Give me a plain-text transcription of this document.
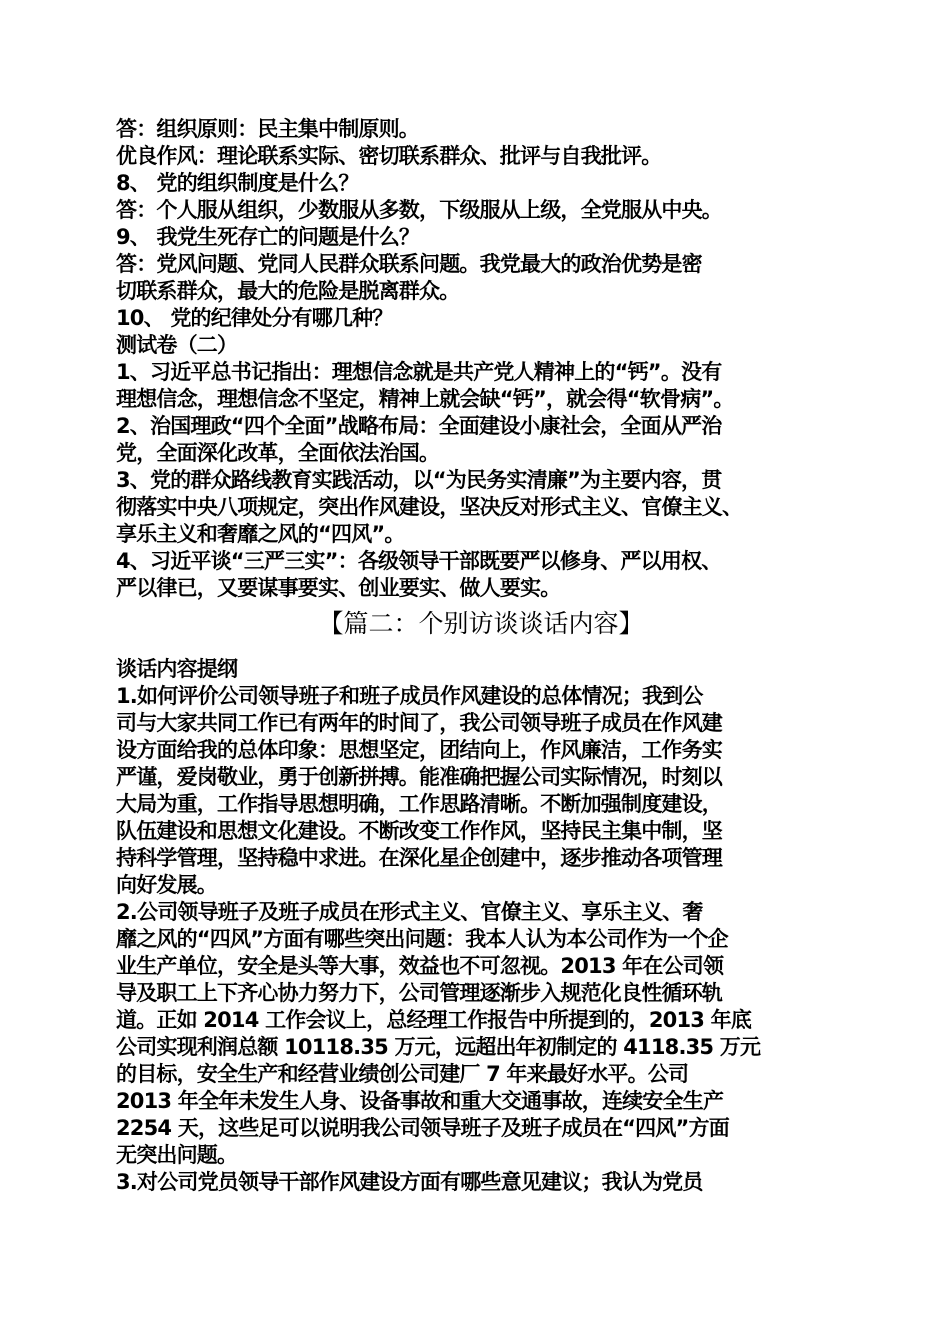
答：组织原则：民主集中制原则。
优良作风：理论联系实际、密切联系群众、批评与自我批评。
8、 党的组织制度是什么？
答：个人服从组织，少数服从多数，下级服从上级，全党服从中央。
9、 我党生死存亡的问题是什么？
答：党风问题、党同人民群众联系问题。我党最大的政治优势是密
切联系群众，最大的危险是脱离群众。
10、 党的纪律处分有哪几种？
测试卷（二）
1、习近平总书记指出：理想信念就是共产党人精神上的“钙”。没有
理想信念，理想信念不坚定，精神上就会缺“钙”，就会得“软骨病”。
2、治国理政“四个全面”战略布局：全面建设小康社会，全面从严治
党，全面深化改革，全面依法治国。
3、党的群众路线教育实践活动，以“为民务实清廉”为主要内容，贯
彻落实中央八项规定，突出作风建设，坚决反对形式主义、官僚主义、
享乐主义和奢靡之风的“四风”。
4、习近平谈“三严三实”：各级领导干部既要严以修身、严以用权、
严以律已，又要谋事要实、创业要实、做人要实。
【篇二：个别访谈谈话内容】
谈话内容提纲
1.如何评价公司领导班子和班子成员作风建设的总体情况；我到公
司与大家共同工作已有两年的时间了，我公司领导班子成员在作风建
设方面给我的总体印象：思想坚定，团结向上，作风廉洁，工作务实
严谨，爱岗敬业，勇于创新拼搏。能准确把握公司实际情况，时刻以
大局为重，工作指导思想明确，工作思路清晰。不断加强制度建设，
队伍建设和思想文化建设。不断改变工作作风，坚持民主集中制，坚
持科学管理，坚持稳中求进。在深化星企创建中，逐步推动各项管理
向好发展。
2.公司领导班子及班子成员在形式主义、官僚主义、享乐主义、奢
靡之风的“四风”方面有哪些突出问题：我本人认为本公司作为一个企
业生产单位，安全是头等大事，效益也不可忽视。2013 年在公司领
导及职工上下齐心协力努力下，公司管理逐渐步入规范化良性循环轨
道。正如 2014 工作会议上，总经理工作报告中所提到的，2013 年底
公司实现利润总额 10118.35 万元，远超出年初制定的 4118.35 万元
的目标，安全生产和经营业绩创公司建厂 7 年来最好水平。公司
2013 年全年未发生人身、设备事故和重大交通事故，连续安全生产
2254 天，这些足可以说明我公司领导班子及班子成员在“四风”方面
无突出问题。
3.对公司党员领导干部作风建设方面有哪些意见建议；我认为党员
